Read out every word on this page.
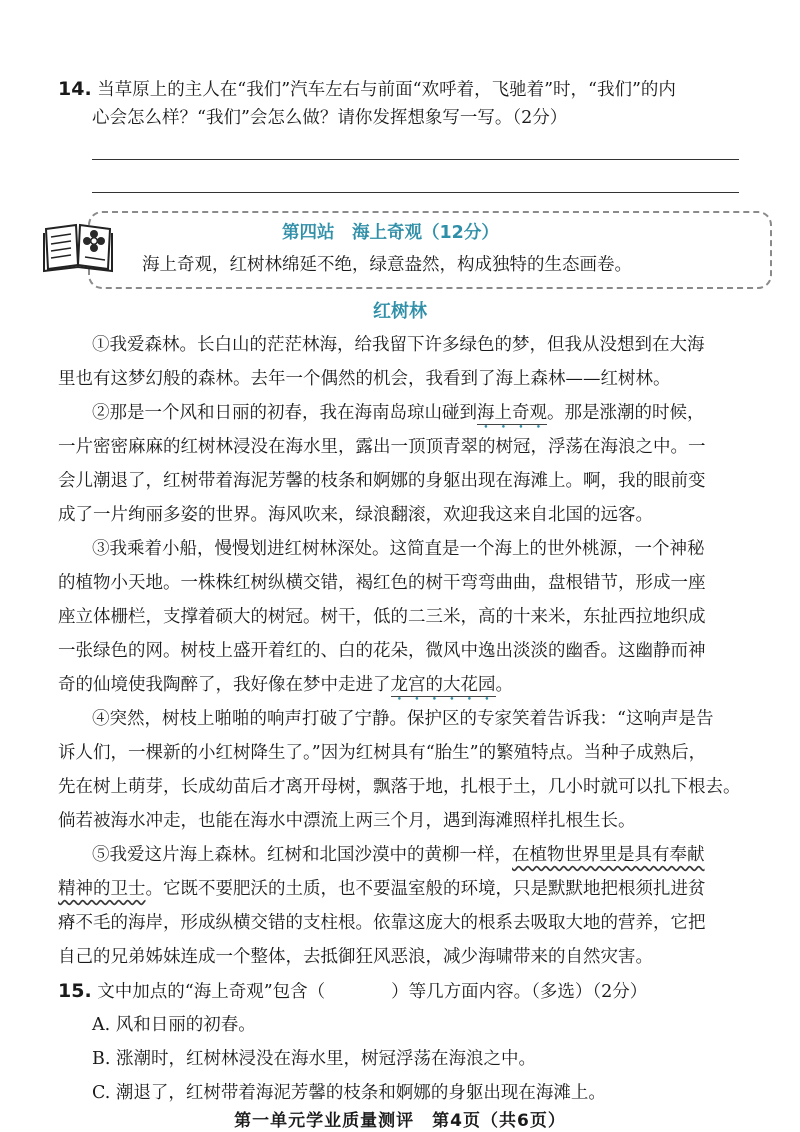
14. 当草原上的主人在“我们”汽车左右与前面“欢呼着，飞驰着”时，“我们”的内
心会怎么样？“我们”会怎么做？请你发挥想象写一写。（2分）
第四站　海上奇观（12分）
海上奇观，红树林绵延不绝，绿意盎然，构成独特的生态画卷。
红树林
①我爱森林。长白山的茫茫林海，给我留下许多绿色的梦，但我从没想到在大海
里也有这梦幻般的森林。去年一个偶然的机会，我看到了海上森林——红树林。
②那是一个风和日丽的初春，我在海南岛琼山碰到海上奇观。那是涨潮的时候，
一片密密麻麻的红树林浸没在海水里，露出一顶顶青翠的树冠，浮荡在海浪之中。一
会儿潮退了，红树带着海泥芳馨的枝条和婀娜的身躯出现在海滩上。啊，我的眼前变
成了一片绚丽多姿的世界。海风吹来，绿浪翻滚，欢迎我这来自北国的远客。
③我乘着小船，慢慢划进红树林深处。这简直是一个海上的世外桃源，一个神秘
的植物小天地。一株株红树纵横交错，褐红色的树干弯弯曲曲，盘根错节，形成一座
座立体栅栏，支撑着硕大的树冠。树干，低的二三米，高的十来米，东扯西拉地织成
一张绿色的网。树枝上盛开着红的、白的花朵，微风中逸出淡淡的幽香。这幽静而神
奇的仙境使我陶醉了，我好像在梦中走进了龙宫的大花园。
④突然，树枝上啪啪的响声打破了宁静。保护区的专家笑着告诉我：“这响声是告
诉人们，一棵新的小红树降生了。”因为红树具有“胎生”的繁殖特点。当种子成熟后，
先在树上萌芽，长成幼苗后才离开母树，飘落于地，扎根于土，几小时就可以扎下根去。
倘若被海水冲走，也能在海水中漂流上两三个月，遇到海滩照样扎根生长。
⑤我爱这片海上森林。红树和北国沙漠中的黄柳一样，在植物世界里是具有奉献
精神的卫士。它既不要肥沃的土质，也不要温室般的环境，只是默默地把根须扎进贫
瘠不毛的海岸，形成纵横交错的支柱根。依靠这庞大的根系去吸取大地的营养，它把
自己的兄弟姊妹连成一个整体，去抵御狂风恶浪，减少海啸带来的自然灾害。
15. 文中加点的“海上奇观”包含（	）等几方面内容。（多选）（2分）
A. 风和日丽的初春。
B. 涨潮时，红树林浸没在海水里，树冠浮荡在海浪之中。
C. 潮退了，红树带着海泥芳馨的枝条和婀娜的身躯出现在海滩上。
第一单元学业质量测评　第4页（共6页）
